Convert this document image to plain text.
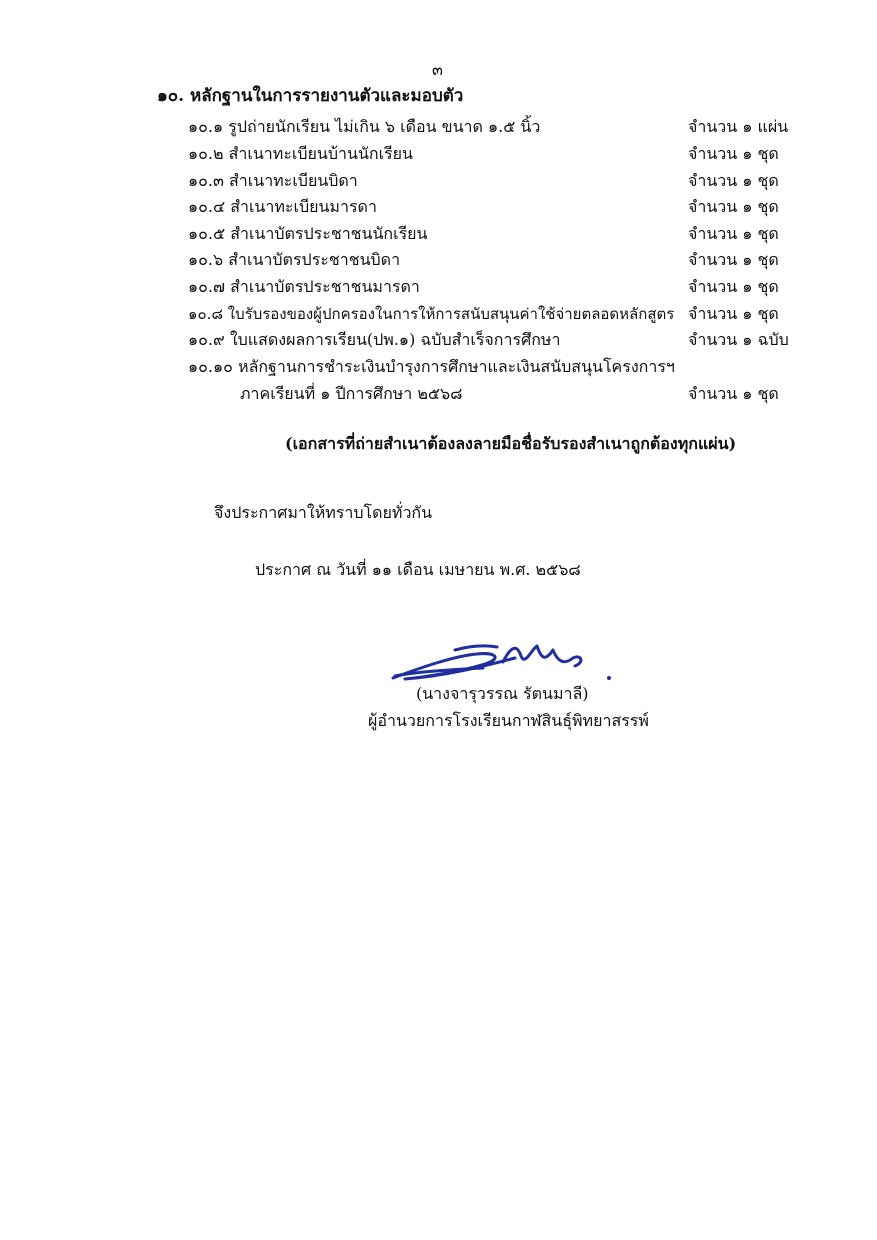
๓
๑๐. หลักฐานในการรายงานตัวและมอบตัว
๑๐.๑ รูปถ่ายนักเรียน ไม่เกิน ๖ เดือน ขนาด ๑.๕ นิ้ว	จำนวน ๑ แผ่น
๑๐.๒ สำเนาทะเบียนบ้านนักเรียน	จำนวน ๑ ชุด
๑๐.๓ สำเนาทะเบียนบิดา	จำนวน ๑ ชุด
๑๐.๔ สำเนาทะเบียนมารดา	จำนวน ๑ ชุด
๑๐.๕ สำเนาบัตรประชาชนนักเรียน	จำนวน ๑ ชุด
๑๐.๖ สำเนาบัตรประชาชนบิดา	จำนวน ๑ ชุด
๑๐.๗ สำเนาบัตรประชาชนมารดา	จำนวน ๑ ชุด
๑๐.๘ ใบรับรองของผู้ปกครองในการให้การสนับสนุนค่าใช้จ่ายตลอดหลักสูตร จำนวน ๑ ชุด
๑๐.๙ ใบแสดงผลการเรียน(ปพ.๑) ฉบับสำเร็จการศึกษา	จำนวน ๑ ฉบับ
๑๐.๑๐ หลักฐานการชำระเงินบำรุงการศึกษาและเงินสนับสนุนโครงการฯ
ภาคเรียนที่ ๑ ปีการศึกษา ๒๕๖๘	จำนวน ๑ ชุด
(เอกสารที่ถ่ายสำเนาต้องลงลายมือชื่อรับรองสำเนาถูกต้องทุกแผ่น)
จึงประกาศมาให้ทราบโดยทั่วกัน
ประกาศ ณ วันที่ ๑๑ เดือน เมษายน พ.ศ. ๒๕๖๘
(นางจารุวรรณ รัตนมาลี)
ผู้อำนวยการโรงเรียนกาฬสินธุ์พิทยาสรรพ์
